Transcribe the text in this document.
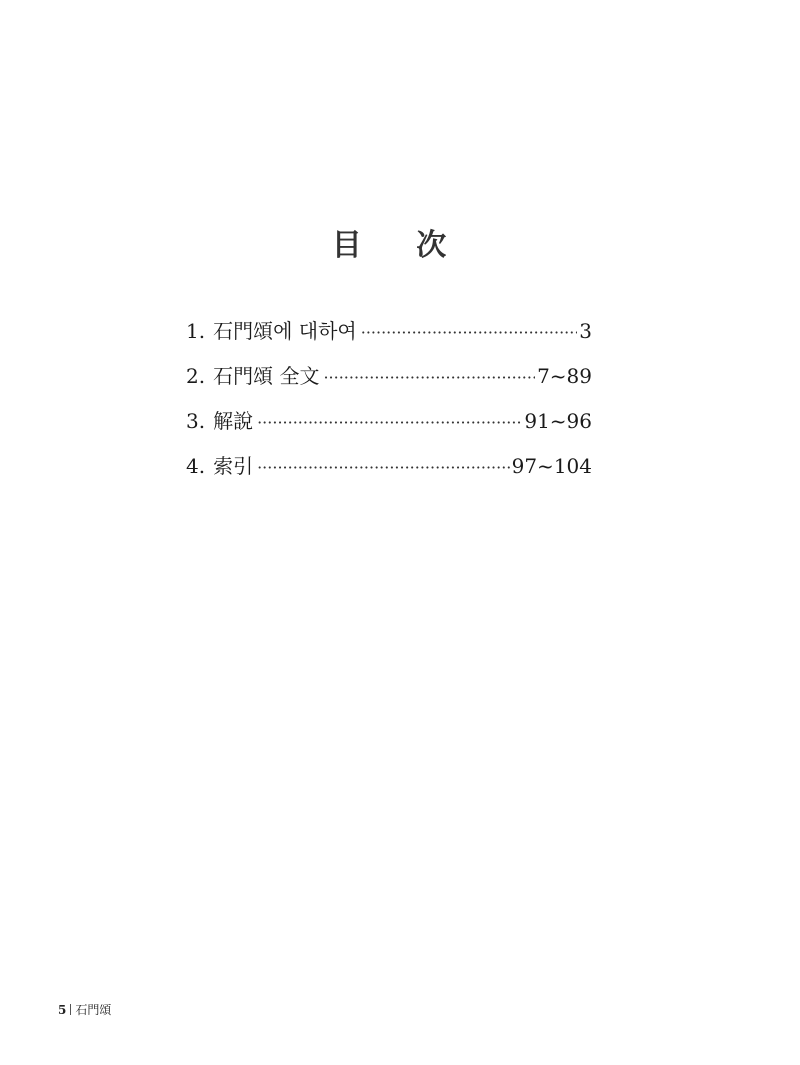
目 次
1. 石門頌에 대하여 ·····	3
2. 石門頌 全文 ·····	7~89
3. 解說 ·····	91~96
4. 索引 ·····	97~104
5 石門頌
